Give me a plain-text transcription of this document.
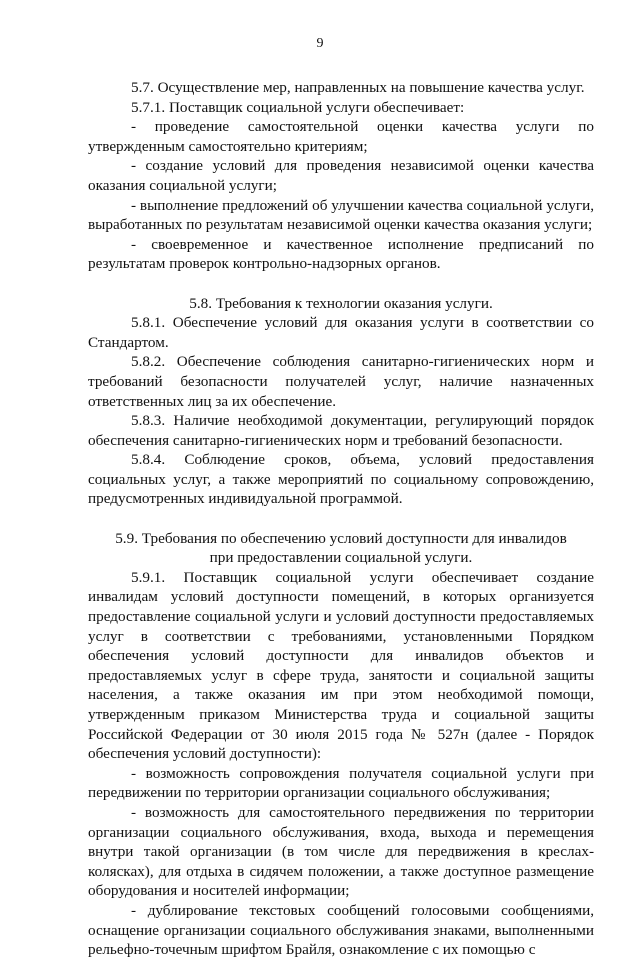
9

5.7. Осуществление мер, направленных на повышение качества услуг.

5.7.1. Поставщик социальной услуги обеспечивает:

- проведение самостоятельной оценки качества услуги по утвержденным самостоятельно критериям;

- создание условий для проведения независимой оценки качества оказания социальной услуги;

- выполнение предложений об улучшении качества социальной услуги, выработанных по результатам независимой оценки качества оказания услуги;

- своевременное и качественное исполнение предписаний по результатам проверок контрольно-надзорных органов.

5.8. Требования к технологии оказания услуги.

5.8.1. Обеспечение условий для оказания услуги в соответствии со Стандартом.

5.8.2. Обеспечение соблюдения санитарно-гигиенических норм и требований безопасности получателей услуг, наличие назначенных ответственных лиц за их обеспечение.

5.8.3. Наличие необходимой документации, регулирующий порядок обеспечения санитарно-гигиенических норм и требований безопасности.

5.8.4. Соблюдение сроков, объема, условий предоставления социальных услуг, а также мероприятий по социальному сопровождению, предусмотренных индивидуальной программой.

5.9. Требования по обеспечению условий доступности для инвалидов

при предоставлении социальной услуги.

5.9.1. Поставщик социальной услуги обеспечивает создание инвалидам условий доступности помещений, в которых организуется предоставление социальной услуги и условий доступности предоставляемых услуг в соответствии с требованиями, установленными Порядком обеспечения условий доступности для инвалидов объектов и предоставляемых услуг в сфере труда, занятости и социальной защиты населения, а также оказания им при этом необходимой помощи, утвержденным приказом Министерства труда и социальной защиты Российской Федерации от 30 июля 2015 года № 527н (далее - Порядок обеспечения условий доступности):

- возможность сопровождения получателя социальной услуги при передвижении по территории организации социального обслуживания;

- возможность для самостоятельного передвижения по территории организации социального обслуживания, входа, выхода и перемещения внутри такой организации (в том числе для передвижения в креслах-колясках), для отдыха в сидячем положении, а также доступное размещение оборудования и носителей информации;

- дублирование текстовых сообщений голосовыми сообщениями, оснащение организации социального обслуживания знаками, выполненными рельефно-точечным шрифтом Брайля, ознакомление с их помощью с
